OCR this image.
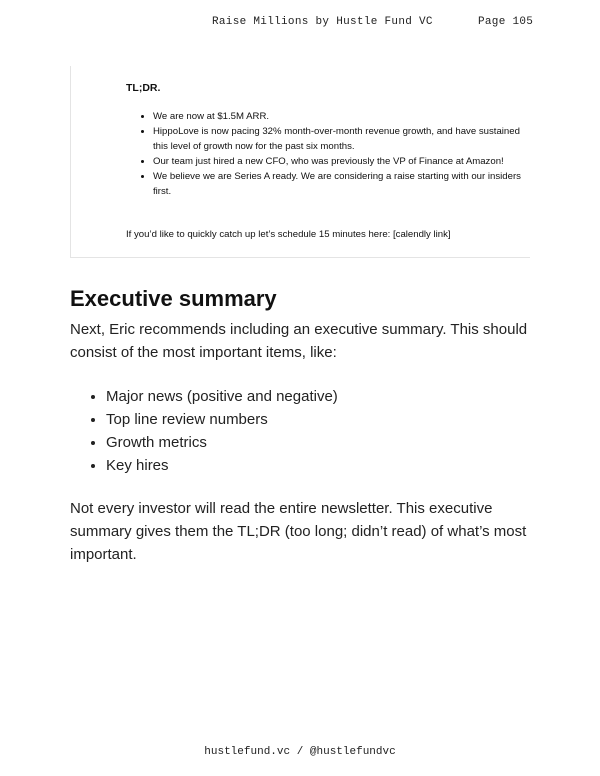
Raise Millions by Hustle Fund VC	Page 105
TL;DR.
• We are now at $1.5M ARR.
• HippoLove is now pacing 32% month-over-month revenue growth, and have sustained this level of growth now for the past six months.
• Our team just hired a new CFO, who was previously the VP of Finance at Amazon!
• We believe we are Series A ready. We are considering a raise starting with our insiders first.
If you’d like to quickly catch up let’s schedule 15 minutes here: [calendly link]
Executive summary

Next, Eric recommends including an executive summary. This should consist of the most important items, like:

• Major news (positive and negative)
• Top line review numbers
• Growth metrics
• Key hires

Not every investor will read the entire newsletter. This executive summary gives them the TL;DR (too long; didn’t read) of what’s most important.

hustlefund.vc / @hustlefundvc
